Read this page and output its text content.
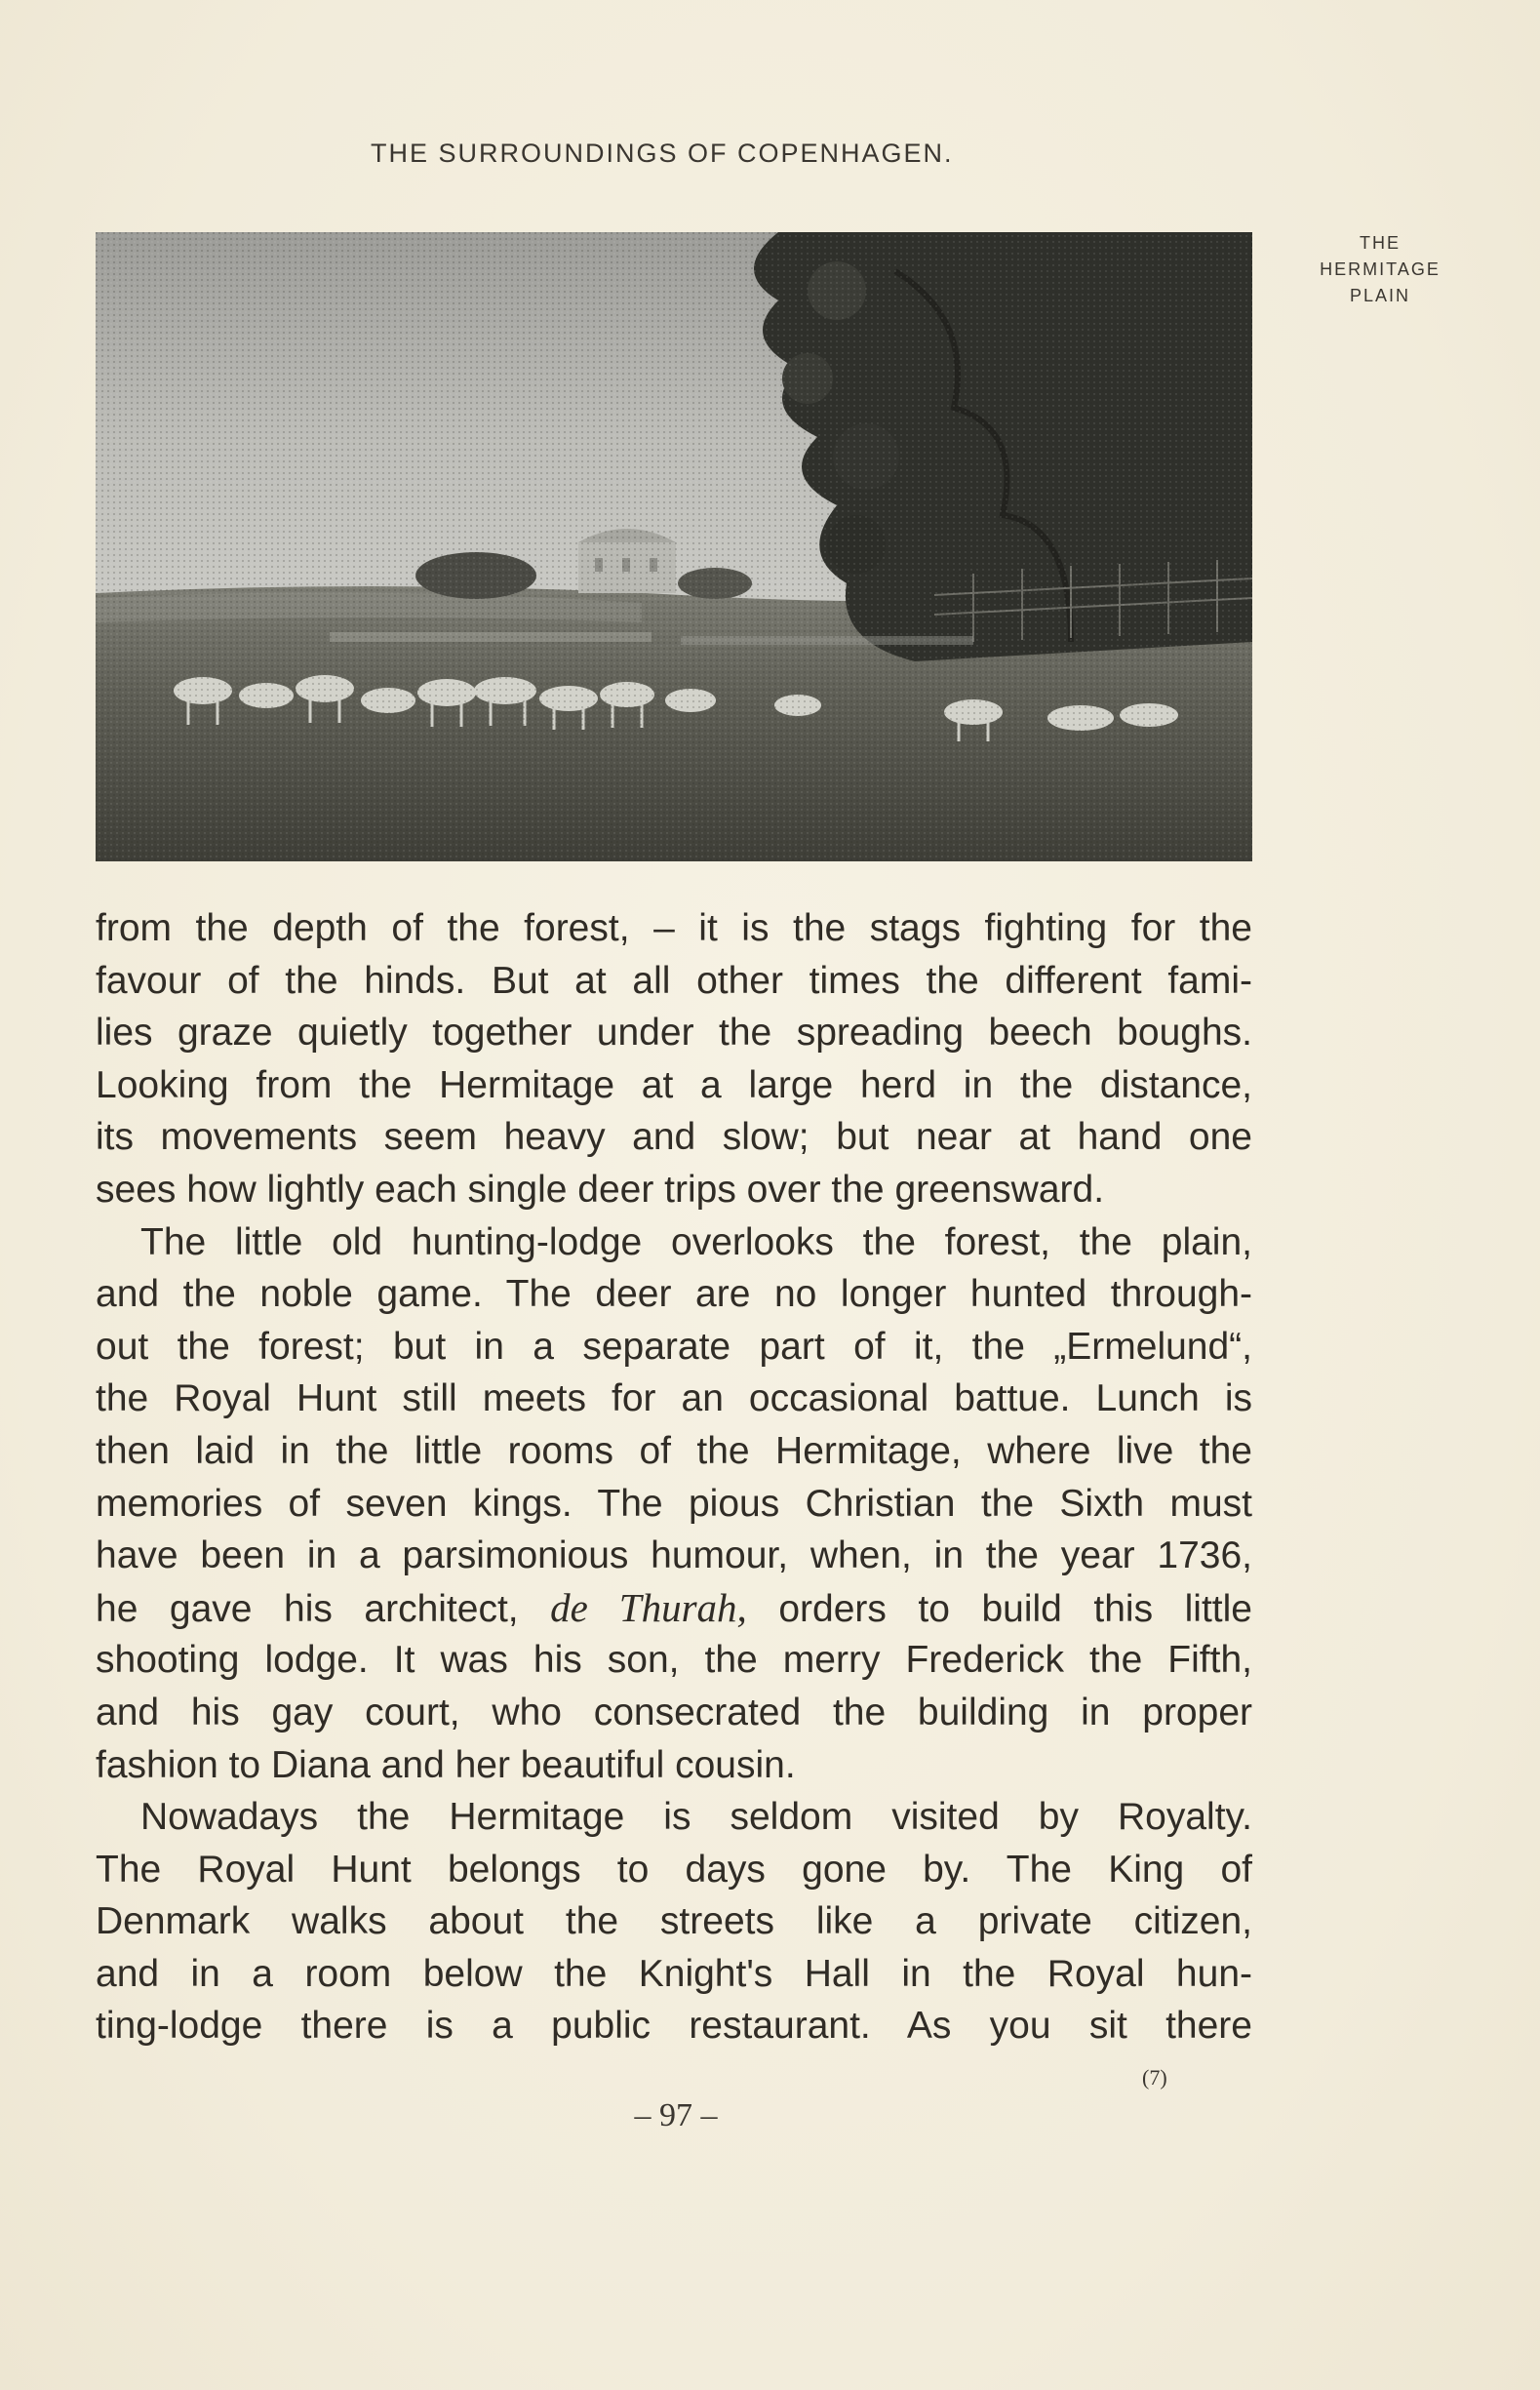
THE SURROUNDINGS OF COPENHAGEN.
THE
HERMITAGE
PLAIN
from the depth of the forest, – it is the stags fighting for the
favour of the hinds. But at all other times the different fami-
lies graze quietly together under the spreading beech boughs.
Looking from the Hermitage at a large herd in the distance,
its movements seem heavy and slow; but near at hand one
sees how lightly each single deer trips over the greensward.
The little old hunting-lodge overlooks the forest, the plain,
and the noble game. The deer are no longer hunted through-
out the forest; but in a separate part of it, the „Ermelund“,
the Royal Hunt still meets for an occasional battue. Lunch is
then laid in the little rooms of the Hermitage, where live the
memories of seven kings. The pious Christian the Sixth must
have been in a parsimonious humour, when, in the year 1736,
he gave his architect, de Thurah, orders to build this little
shooting lodge. It was his son, the merry Frederick the Fifth,
and his gay court, who consecrated the building in proper
fashion to Diana and her beautiful cousin.
Nowadays the Hermitage is seldom visited by Royalty.
The Royal Hunt belongs to days gone by. The King of
Denmark walks about the streets like a private citizen,
and in a room below the Knight's Hall in the Royal hun-
ting-lodge there is a public restaurant. As you sit there
(7)
– 97 –
